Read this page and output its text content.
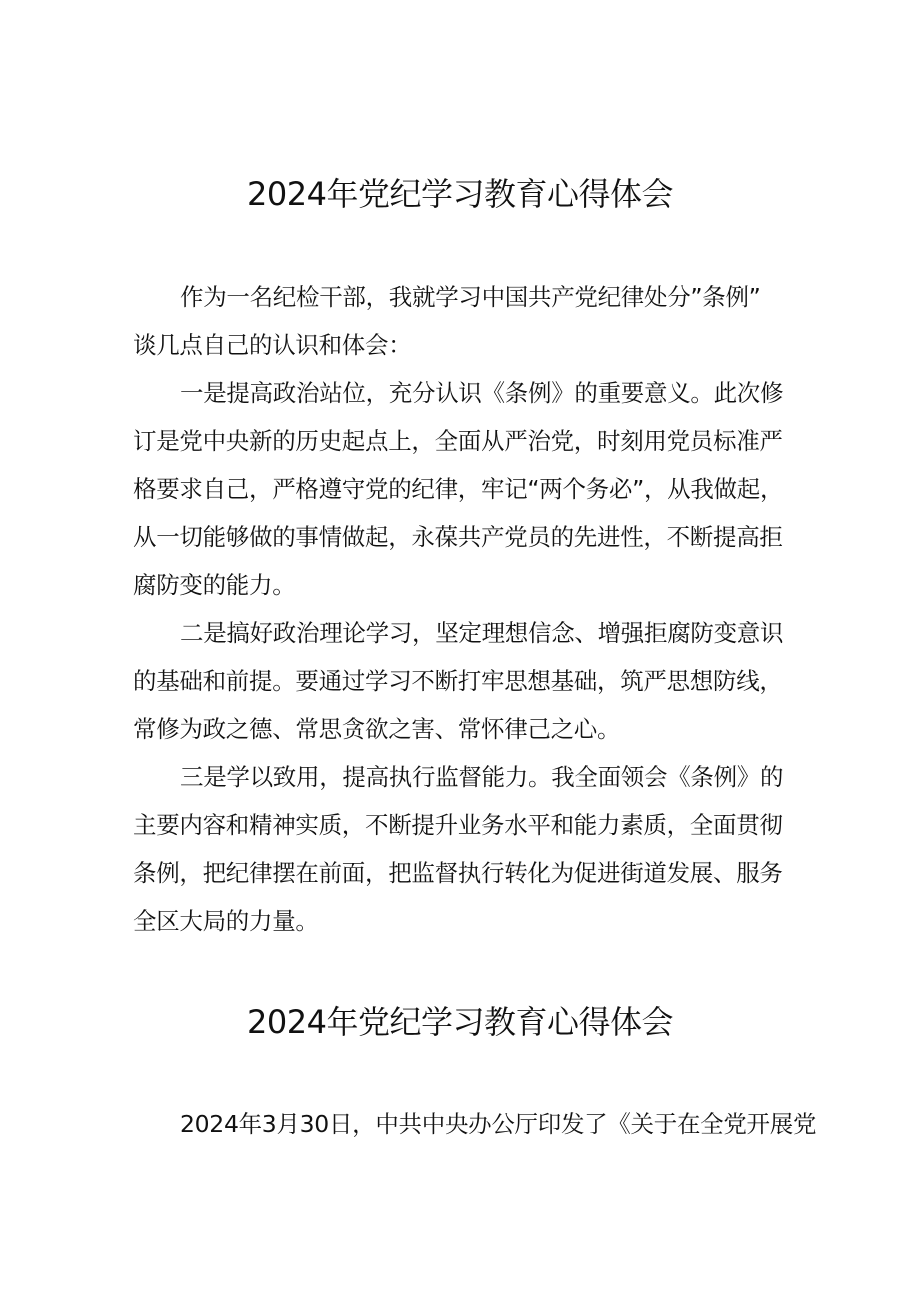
2024年党纪学习教育心得体会
作为一名纪检干部，我就学习中国共产党纪律处分”条例”
谈几点自己的认识和体会：
一是提高政治站位，充分认识《条例》的重要意义。此次修
订是党中央新的历史起点上，全面从严治党，时刻用党员标准严
格要求自己，严格遵守党的纪律，牢记“两个务必”，从我做起，
从一切能够做的事情做起，永葆共产党员的先进性，不断提高拒
腐防变的能力。
二是搞好政治理论学习，坚定理想信念、增强拒腐防变意识
的基础和前提。要通过学习不断打牢思想基础，筑严思想防线，
常修为政之德、常思贪欲之害、常怀律己之心。
三是学以致用，提高执行监督能力。我全面领会《条例》的
主要内容和精神实质，不断提升业务水平和能力素质，全面贯彻
条例，把纪律摆在前面，把监督执行转化为促进街道发展、服务
全区大局的力量。
2024年党纪学习教育心得体会
2024年3月30日，中共中央办公厅印发了《关于在全党开展党
